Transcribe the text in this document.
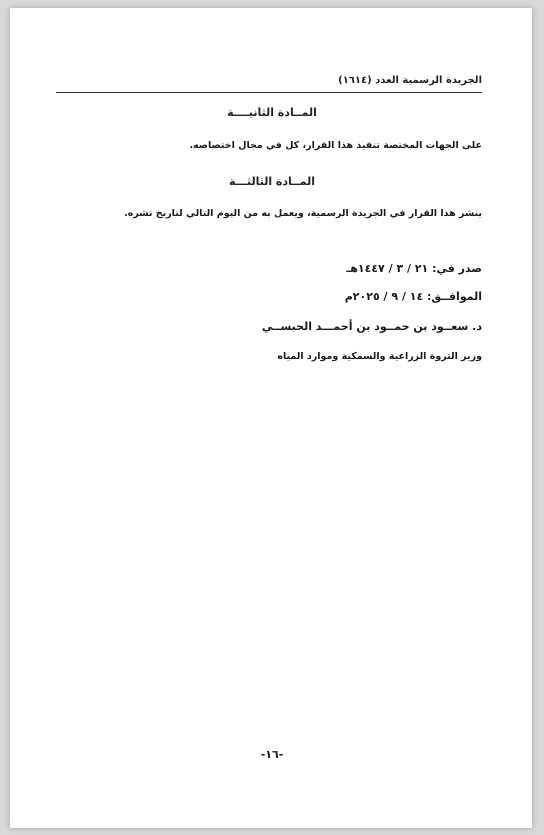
الجريدة الرسمية العدد (١٦١٤)
المــادة الثانيــــة
على الجهات المختصة تنفيذ هذا القرار، كل في مجال اختصاصه.
المــادة الثالثـــة
ينشر هذا القرار في الجريدة الرسمية، ويعمل به من اليوم التالي لتاريخ نشره.
صدر في: ٢١ / ٣ / ١٤٤٧هـ
الموافــق: ١٤ / ٩ / ٢٠٢٥م
د. سعــود بن حمــود بن أحمـــد الحبســي
وزير الثروة الزراعية والسمكية وموارد المياه
-١٦-
